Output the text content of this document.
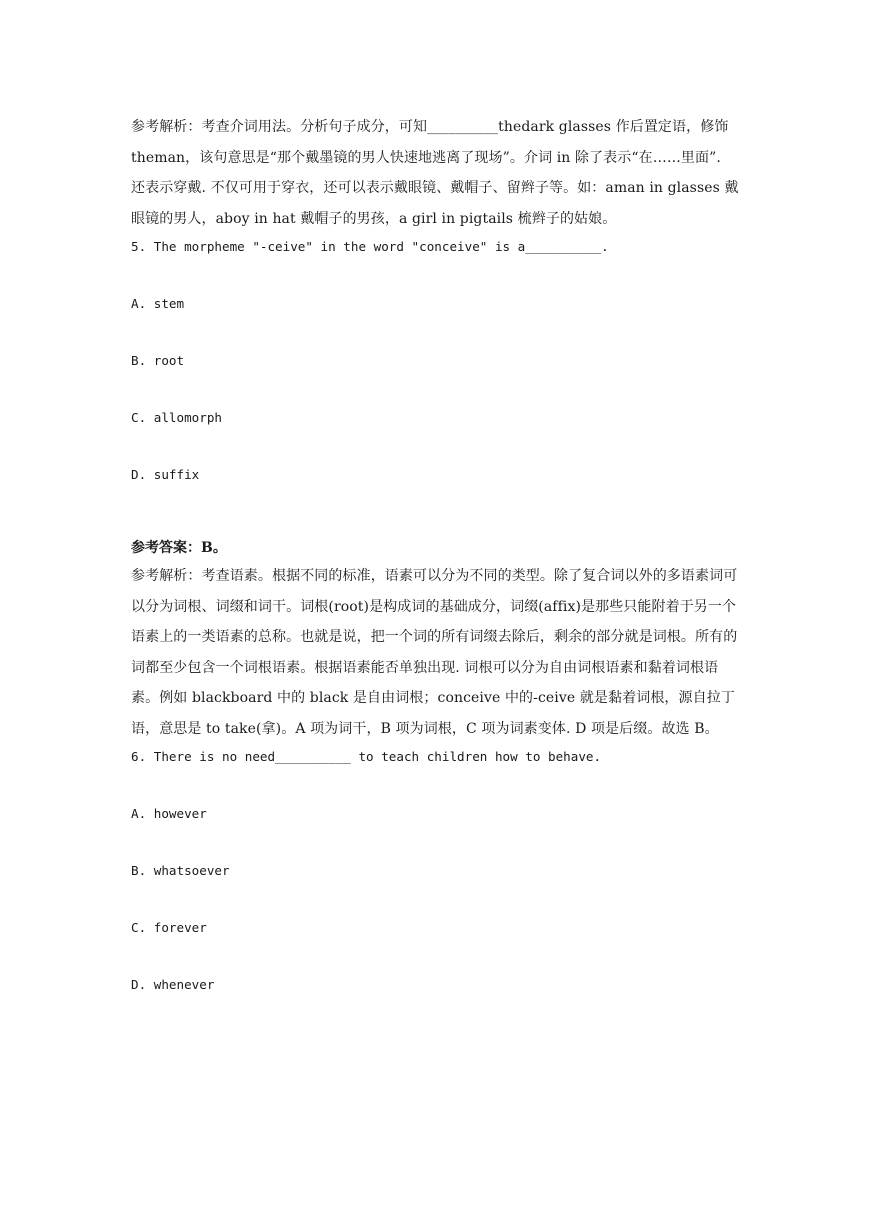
参考解析：考查介词用法。分析句子成分，可知__________thedark glasses 作后置定语，修饰 theman，该句意思是“那个戴墨镜的男人快速地逃离了现场”。介词 in 除了表示“在……里面”. 还表示穿戴. 不仅可用于穿衣，还可以表示戴眼镜、戴帽子、留辫子等。如：aman in glasses 戴眼镜的男人，aboy in hat 戴帽子的男孩，a girl in pigtails 梳辫子的姑娘。

5. The morpheme "-ceive" in the word "conceive" is a__________.

A. stem

B. root

C. allomorph

D. suffix

参考答案：B。

参考解析：考查语素。根据不同的标准，语素可以分为不同的类型。除了复合词以外的多语素词可以分为词根、词缀和词干。词根(root)是构成词的基础成分，词缀(affix)是那些只能附着于另一个语素上的一类语素的总称。也就是说，把一个词的所有词缀去除后，剩余的部分就是词根。所有的词都至少包含一个词根语素。根据语素能否单独出现. 词根可以分为自由词根语素和黏着词根语素。例如 blackboard 中的 black 是自由词根；conceive 中的-ceive 就是黏着词根，源自拉丁语，意思是 to take(拿)。A 项为词干，B 项为词根，C 项为词素变体. D 项是后缀。故选 B。

6. There is no need__________ to teach children how to behave.

A. however

B. whatsoever

C. forever

D. whenever
